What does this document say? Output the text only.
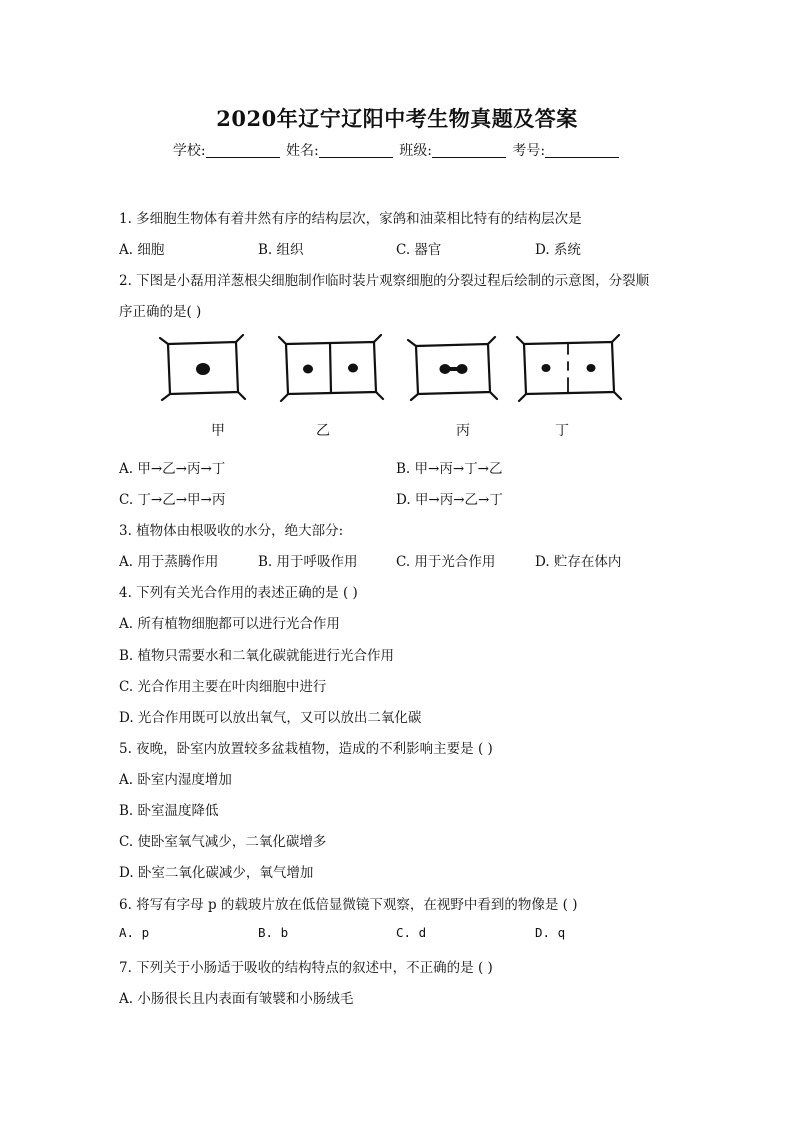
2020年辽宁辽阳中考生物真题及答案
学校:	姓名:	班级:	考号:
1. 多细胞生物体有着井然有序的结构层次，家鸽和油菜相比特有的结构层次是
A. 细胞	B. 组织	C. 器官	D. 系统
2. 下图是小磊用洋葱根尖细胞制作临时装片观察细胞的分裂过程后绘制的示意图，分裂顺
序正确的是( )
甲	乙	丙	丁
A. 甲→乙→丙→丁	B. 甲→丙→丁→乙
C. 丁→乙→甲→丙	D. 甲→丙→乙→丁
3. 植物体由根吸收的水分，绝大部分:
A. 用于蒸腾作用	B. 用于呼吸作用	C. 用于光合作用	D. 贮存在体内
4. 下列有关光合作用的表述正确的是 ( )
A. 所有植物细胞都可以进行光合作用
B. 植物只需要水和二氧化碳就能进行光合作用
C. 光合作用主要在叶肉细胞中进行
D. 光合作用既可以放出氧气，又可以放出二氧化碳
5. 夜晚，卧室内放置较多盆栽植物，造成的不利影响主要是 ( )
A. 卧室内湿度增加
B. 卧室温度降低
C. 使卧室氧气减少，二氧化碳增多
D. 卧室二氧化碳减少，氧气增加
6. 将写有字母 p 的载玻片放在低倍显微镜下观察，在视野中看到的物像是 ( )
A. p	B. b	C. d	D. q
7. 下列关于小肠适于吸收的结构特点的叙述中，不正确的是 ( )
A. 小肠很长且内表面有皱襞和小肠绒毛
